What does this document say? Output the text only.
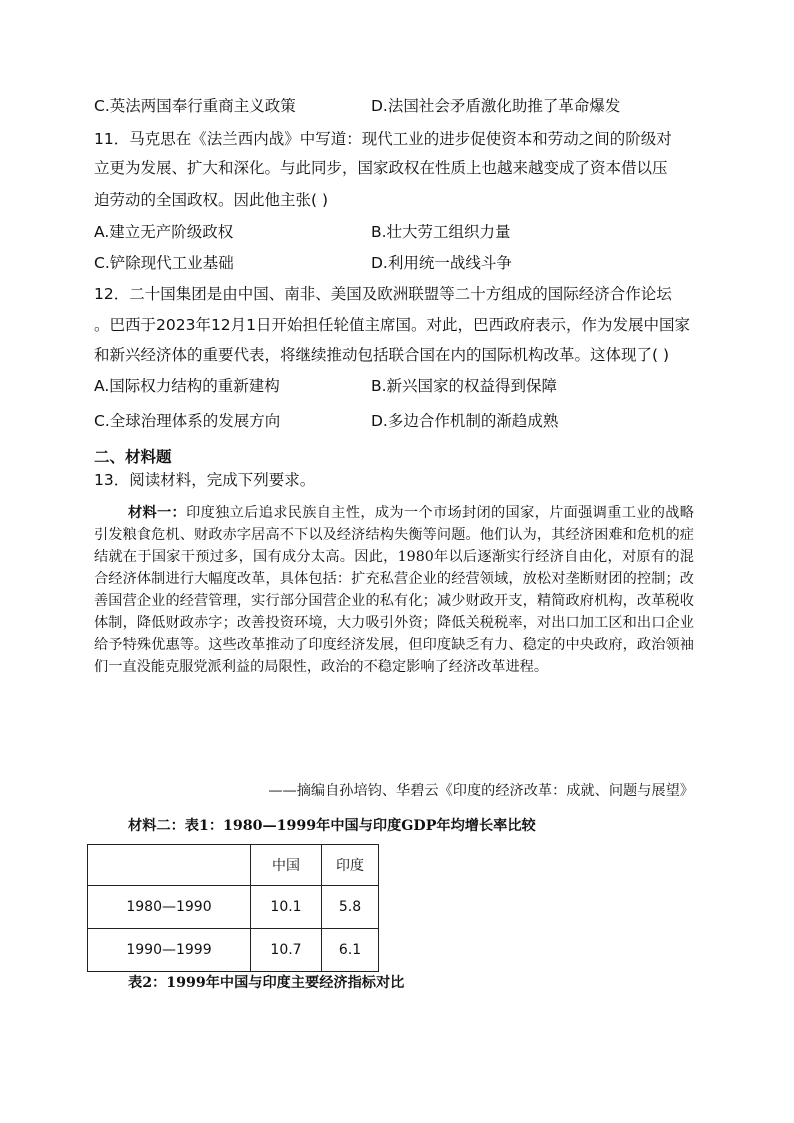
C.英法两国奉行重商主义政策	D.法国社会矛盾激化助推了革命爆发
11．马克思在《法兰西内战》中写道：现代工业的进步促使资本和劳动之间的阶级对
立更为发展、扩大和深化。与此同步，国家政权在性质上也越来越变成了资本借以压
迫劳动的全国政权。因此他主张( )
A.建立无产阶级政权	B.壮大劳工组织力量
C.铲除现代工业基础	D.利用统一战线斗争
12．二十国集团是由中国、南非、美国及欧洲联盟等二十方组成的国际经济合作论坛
。巴西于2023年12月1日开始担任轮值主席国。对此，巴西政府表示，作为发展中国家
和新兴经济体的重要代表，将继续推动包括联合国在内的国际机构改革。这体现了( )
A.国际权力结构的重新建构	B.新兴国家的权益得到保障
C.全球治理体系的发展方向	D.多边合作机制的渐趋成熟
二、材料题
13．阅读材料，完成下列要求。
材料一：印度独立后追求民族自主性，成为一个市场封闭的国家，片面强调重工业的战略引发粮食危机、财政赤字居高不下以及经济结构失衡等问题。他们认为，其经济困难和危机的症结就在于国家干预过多，国有成分太高。因此，1980年以后逐渐实行经济自由化，对原有的混合经济体制进行大幅度改革，具体包括：扩充私营企业的经营领域，放松对垄断财团的控制；改善国营企业的经营管理，实行部分国营企业的私有化；减少财政开支，精简政府机构，改革税收体制，降低财政赤字；改善投资环境，大力吸引外资；降低关税税率，对出口加工区和出口企业给予特殊优惠等。这些改革推动了印度经济发展，但印度缺乏有力、稳定的中央政府，政治领袖们一直没能克服党派利益的局限性，政治的不稳定影响了经济改革进程。
——摘编自孙培钧、华碧云《印度的经济改革：成就、问题与展望》
材料二：表1：1980—1999年中国与印度GDP年均增长率比较
	中国	印度
1980—1990	10.1	5.8
1990—1999	10.7	6.1
表2：1999年中国与印度主要经济指标对比
